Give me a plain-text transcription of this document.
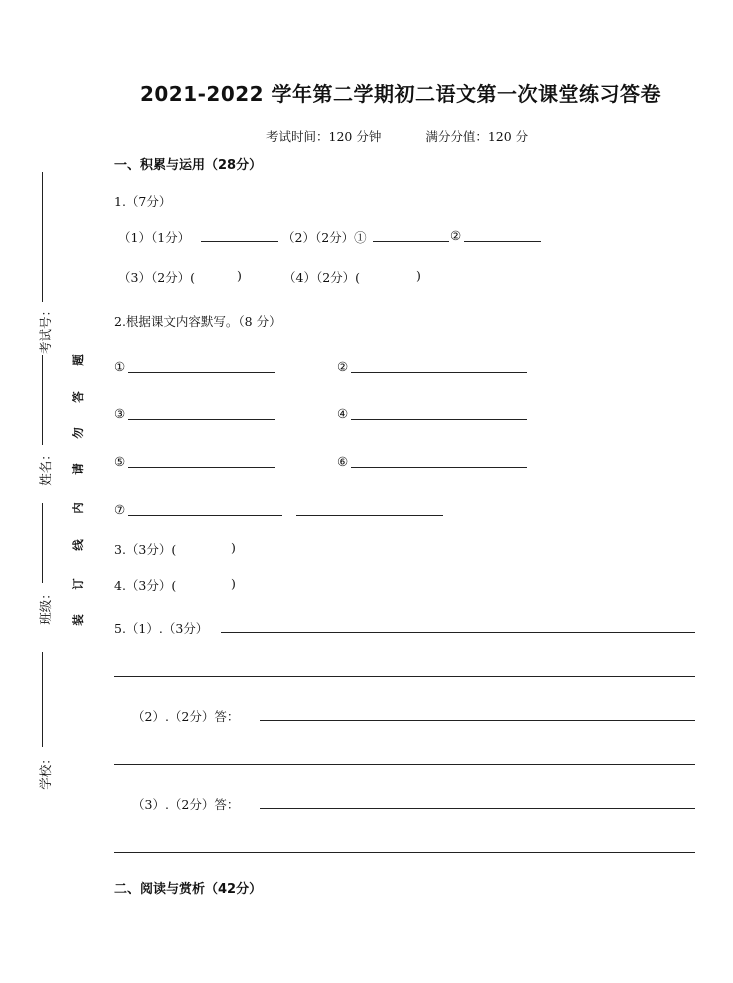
2021-2022 学年第二学期初二语文第一次课堂练习答卷
考试时间：120 分钟	满分分值：120 分
考试号：
姓名：
班级：
学校：
题
答
勿
请
内
线
订
装
一、积累与运用（28分）
1.（7分）
（1）（1分）	（2）（2分）①	②
（3）（2分）(	)	（4）（2分）(	)
2.根据课文内容默写。（8 分）
①	②
③	④
⑤	⑥
⑦
3.（3分）(	)
4.（3分）(	)
5.（1）.（3分）
（2）.（2分）答：
（3）.（2分）答：
二、阅读与赏析（42分）
